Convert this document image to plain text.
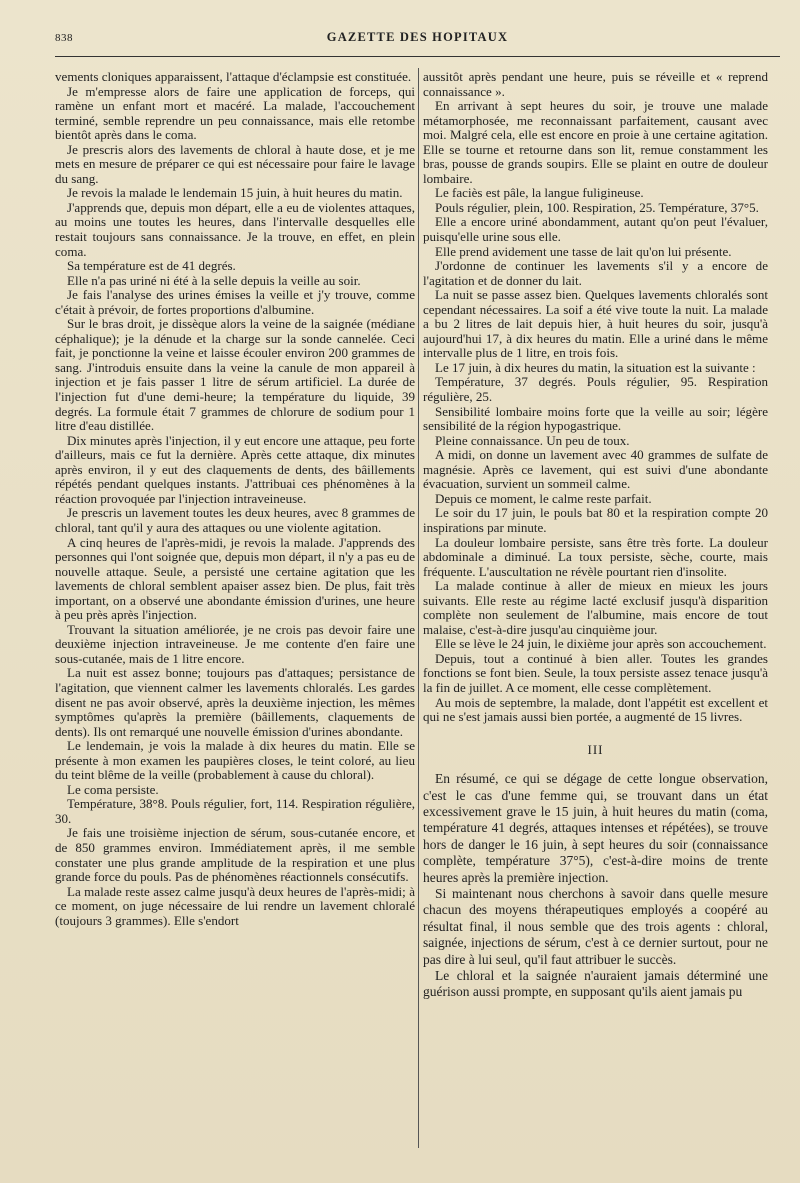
838	GAZETTE DES HOPITAUX

vements cloniques apparaissent, l'attaque d'éclampsie est constituée.

Je m'empresse alors de faire une application de forceps, qui ramène un enfant mort et macéré. La malade, l'accouchement terminé, semble reprendre un peu connaissance, mais elle retombe bientôt après dans le coma.

Je prescris alors des lavements de chloral à haute dose, et je me mets en mesure de préparer ce qui est nécessaire pour faire le lavage du sang.

Je revois la malade le lendemain 15 juin, à huit heures du matin.

J'apprends que, depuis mon départ, elle a eu de violentes attaques, au moins une toutes les heures, dans l'intervalle desquelles elle restait toujours sans connaissance. Je la trouve, en effet, en plein coma.

Sa température est de 41 degrés.

Elle n'a pas uriné ni été à la selle depuis la veille au soir.

Je fais l'analyse des urines émises la veille et j'y trouve, comme c'était à prévoir, de fortes proportions d'albumine.

Sur le bras droit, je dissèque alors la veine de la saignée (médiane céphalique); je la dénude et la charge sur la sonde cannelée. Ceci fait, je ponctionne la veine et laisse écouler environ 200 grammes de sang. J'introduis ensuite dans la veine la canule de mon appareil à injection et je fais passer 1 litre de sérum artificiel. La durée de l'injection fut d'une demi-heure; la température du liquide, 39 degrés. La formule était 7 grammes de chlorure de sodium pour 1 litre d'eau distillée.

Dix minutes après l'injection, il y eut encore une attaque, peu forte d'ailleurs, mais ce fut la dernière. Après cette attaque, dix minutes après environ, il y eut des claquements de dents, des bâillements répétés pendant quelques instants. J'attribuai ces phénomènes à la réaction provoquée par l'injection intraveineuse.

Je prescris un lavement toutes les deux heures, avec 8 grammes de chloral, tant qu'il y aura des attaques ou une violente agitation.

A cinq heures de l'après-midi, je revois la malade. J'apprends des personnes qui l'ont soignée que, depuis mon départ, il n'y a pas eu de nouvelle attaque. Seule, a persisté une certaine agitation que les lavements de chloral semblent apaiser assez bien. De plus, fait très important, on a observé une abondante émission d'urines, une heure à peu près après l'injection.

Trouvant la situation améliorée, je ne crois pas devoir faire une deuxième injection intraveineuse. Je me contente d'en faire une sous-cutanée, mais de 1 litre encore.

La nuit est assez bonne; toujours pas d'attaques; persistance de l'agitation, que viennent calmer les lavements chloralés. Les gardes disent ne pas avoir observé, après la deuxième injection, les mêmes symptômes qu'après la première (bâillements, claquements de dents). Ils ont remarqué une nouvelle émission d'urines abondante.

Le lendemain, je vois la malade à dix heures du matin. Elle se présente à mon examen les paupières closes, le teint coloré, au lieu du teint blême de la veille (probablement à cause du chloral).

Le coma persiste.

Température, 38°8. Pouls régulier, fort, 114. Respiration régulière, 30.

Je fais une troisième injection de sérum, sous-cutanée encore, et de 850 grammes environ. Immédiatement après, il me semble constater une plus grande amplitude de la respiration et une plus grande force du pouls. Pas de phénomènes réactionnels consécutifs.

La malade reste assez calme jusqu'à deux heures de l'après-midi; à ce moment, on juge nécessaire de lui rendre un lavement chloralé (toujours 3 grammes). Elle s'endort

aussitôt après pendant une heure, puis se réveille et « reprend connaissance ».

En arrivant à sept heures du soir, je trouve une malade métamorphosée, me reconnaissant parfaitement, causant avec moi. Malgré cela, elle est encore en proie à une certaine agitation. Elle se tourne et retourne dans son lit, remue constamment les bras, pousse de grands soupirs. Elle se plaint en outre de douleur lombaire.

Le faciès est pâle, la langue fuligineuse.

Pouls régulier, plein, 100. Respiration, 25. Température, 37°5.

Elle a encore uriné abondamment, autant qu'on peut l'évaluer, puisqu'elle urine sous elle.

Elle prend avidement une tasse de lait qu'on lui présente.

J'ordonne de continuer les lavements s'il y a encore de l'agitation et de donner du lait.

La nuit se passe assez bien. Quelques lavements chloralés sont cependant nécessaires. La soif a été vive toute la nuit. La malade a bu 2 litres de lait depuis hier, à huit heures du soir, jusqu'à aujourd'hui 17, à dix heures du matin. Elle a uriné dans le même intervalle plus de 1 litre, en trois fois.

Le 17 juin, à dix heures du matin, la situation est la suivante :

Température, 37 degrés. Pouls régulier, 95. Respiration régulière, 25.

Sensibilité lombaire moins forte que la veille au soir; légère sensibilité de la région hypogastrique.

Pleine connaissance. Un peu de toux.

A midi, on donne un lavement avec 40 grammes de sulfate de magnésie. Après ce lavement, qui est suivi d'une abondante évacuation, survient un sommeil calme.

Depuis ce moment, le calme reste parfait.

Le soir du 17 juin, le pouls bat 80 et la respiration compte 20 inspirations par minute.

La douleur lombaire persiste, sans être très forte. La douleur abdominale a diminué. La toux persiste, sèche, courte, mais fréquente. L'auscultation ne révèle pourtant rien d'insolite.

La malade continue à aller de mieux en mieux les jours suivants. Elle reste au régime lacté exclusif jusqu'à disparition complète non seulement de l'albumine, mais encore de tout malaise, c'est-à-dire jusqu'au cinquième jour.

Elle se lève le 24 juin, le dixième jour après son accouchement.

Depuis, tout a continué à bien aller. Toutes les grandes fonctions se font bien. Seule, la toux persiste assez tenace jusqu'à la fin de juillet. A ce moment, elle cesse complètement.

Au mois de septembre, la malade, dont l'appétit est excellent et qui ne s'est jamais aussi bien portée, a augmenté de 15 livres.

III

En résumé, ce qui se dégage de cette longue observation, c'est le cas d'une femme qui, se trouvant dans un état excessivement grave le 15 juin, à huit heures du matin (coma, température 41 degrés, attaques intenses et répétées), se trouve hors de danger le 16 juin, à sept heures du soir (connaissance complète, température 37°5), c'est-à-dire moins de trente heures après la première injection.

Si maintenant nous cherchons à savoir dans quelle mesure chacun des moyens thérapeutiques employés a coopéré au résultat final, il nous semble que des trois agents : chloral, saignée, injections de sérum, c'est à ce dernier surtout, pour ne pas dire à lui seul, qu'il faut attribuer le succès.

Le chloral et la saignée n'auraient jamais déterminé une guérison aussi prompte, en supposant qu'ils aient jamais pu
